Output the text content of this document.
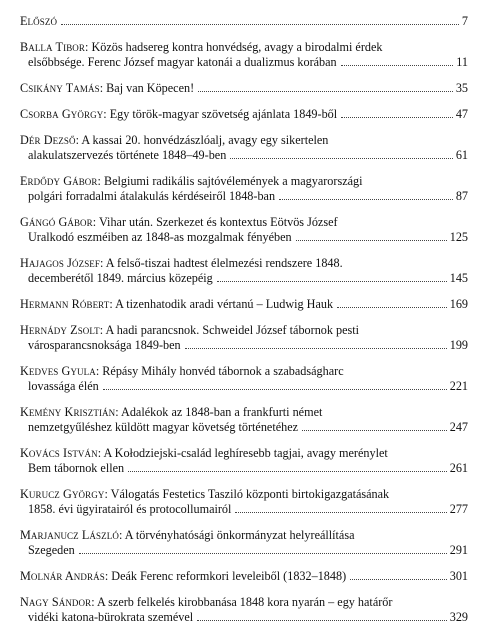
Előszó	7
Balla Tibor: Közös hadsereg kontra honvédség, avagy a birodalmi érdek
elsőbbsége. Ferenc József magyar katonái a dualizmus korában	11
Csikány Tamás: Baj van Köpecen!	35
Csorba György: Egy török-magyar szövetség ajánlata 1849-ből	47
Dér Dezső: A kassai 20. honvédzászlóalj, avagy egy sikertelen
alakulatszervezés története 1848–49-ben	61
Erdődy Gábor: Belgiumi radikális sajtóvélemények a magyarországi
polgári forradalmi átalakulás kérdéseiről 1848-ban	87
Gángó Gábor: Vihar után. Szerkezet és kontextus Eötvös József
Uralkodó eszméiben az 1848-as mozgalmak fényében	125
Hajagos József: A felső-tiszai hadtest élelmezési rendszere 1848.
decemberétől 1849. március közepéig	145
Hermann Róbert: A tizenhatodik aradi vértanú – Ludwig Hauk	169
Hernády Zsolt: A hadi parancsnok. Schweidel József tábornok pesti
városparancsnoksága 1849-ben	199
Kedves Gyula: Répásy Mihály honvéd tábornok a szabadságharc
lovassága élén	221
Kemény Krisztián: Adalékok az 1848-ban a frankfurti német
nemzetgyűléshez küldött magyar követség történetéhez	247
Kovács István: A Kołodziejski-család leghíresebb tagjai, avagy merénylet
Bem tábornok ellen	261
Kurucz György: Válogatás Festetics Tasziló központi birtokigazgatásának
1858. évi ügyiratairól és protocollumairól	277
Marjanucz László: A törvényhatósági önkormányzat helyreállítása
Szegeden	291
Molnár András: Deák Ferenc reformkori leveleiből (1832–1848)	301
Nagy Sándor: A szerb felkelés kirobbanása 1848 kora nyarán – egy határőr
vidéki katona-bürokrata szemével	329
